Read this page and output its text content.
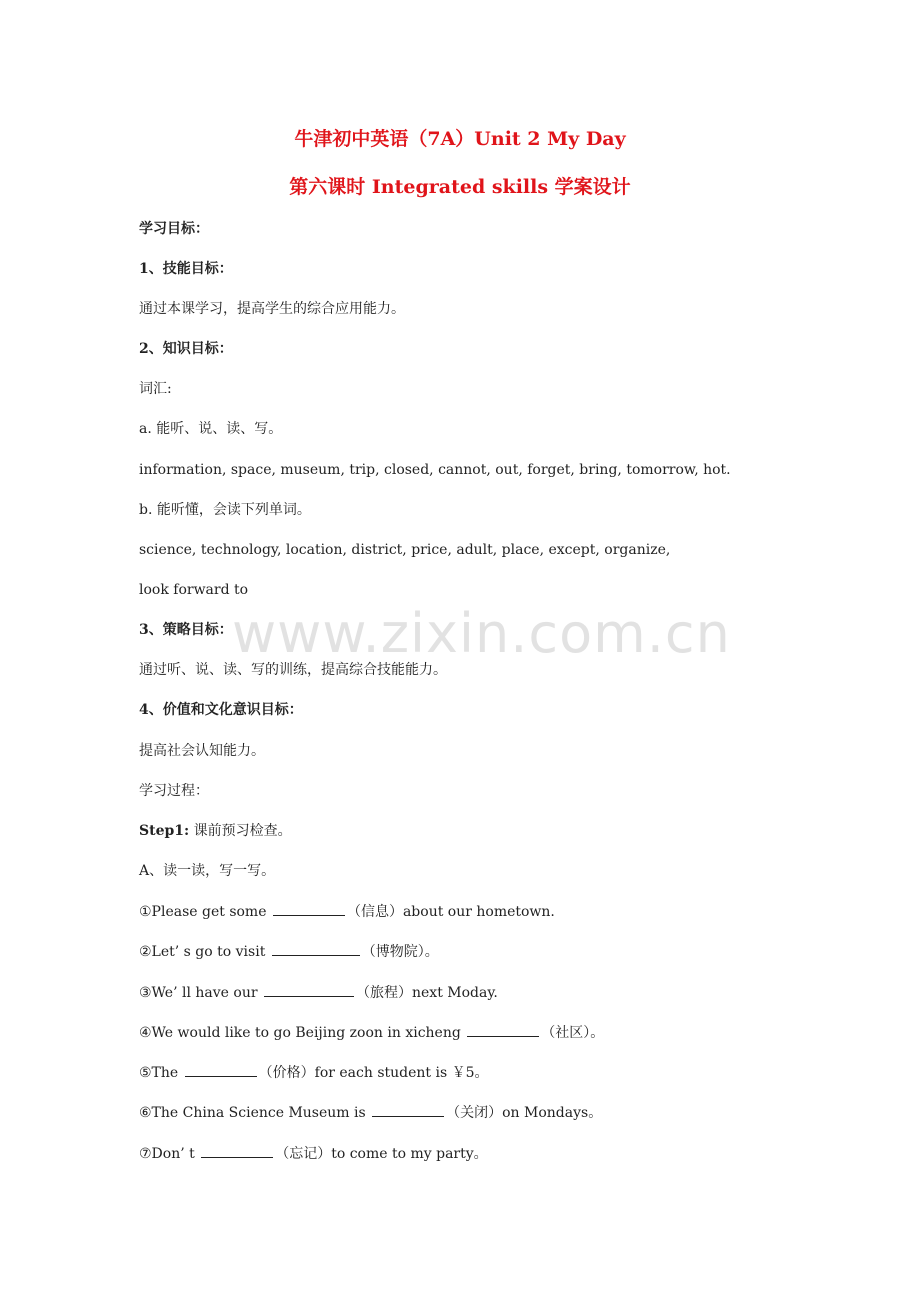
牛津初中英语（7A）Unit 2 My Day
第六课时 Integrated skills 学案设计
学习目标：
1、技能目标：
通过本课学习，提高学生的综合应用能力。
2、知识目标：
词汇:
a. 能听、说、读、写。
information, space, museum, trip, closed, cannot, out, forget, bring, tomorrow, hot.
b. 能听懂，会读下列单词。
science, technology, location, district, price, adult, place, except, organize,
look forward to
3、策略目标：
通过听、说、读、写的训练，提高综合技能能力。
4、价值和文化意识目标：
提高社会认知能力。
学习过程：
Step1: 课前预习检查。
A、读一读，写一写。
①Please get some	（信息）about our hometown.
②Let’ s go to visit	（博物院）。
③We’ ll have our	（旅程）next Moday.
④We would like to go Beijing zoon in xicheng	（社区）。
⑤The	（价格）for each student is ￥5。
⑥The China Science Museum is	（关闭）on Mondays。
⑦Don’ t	（忘记）to come to my party。
www.zixin.com.cn
